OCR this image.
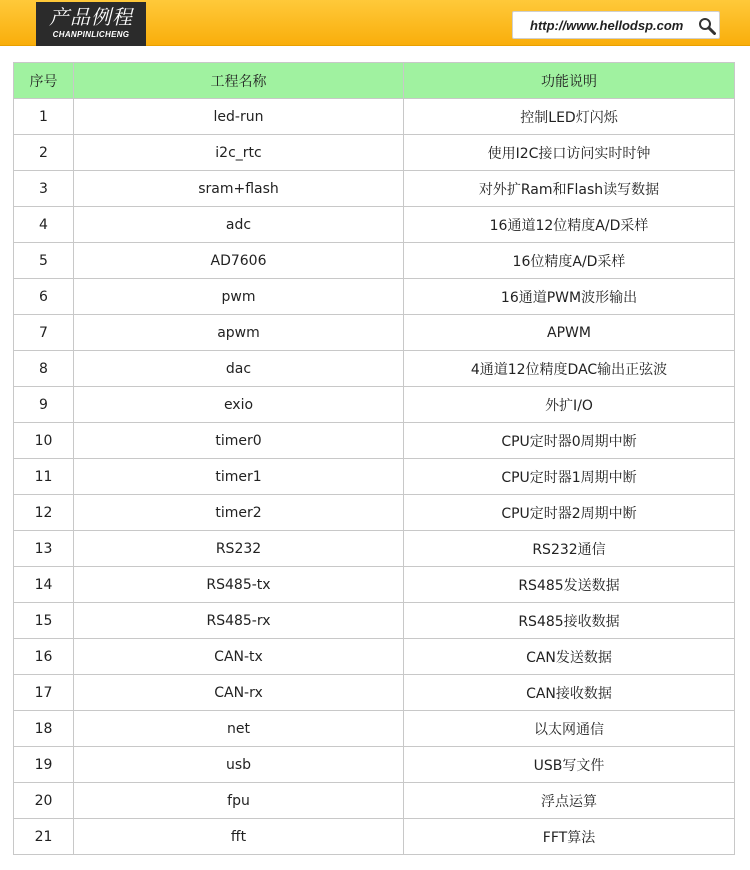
产品例程
CHANPINLICHENG
http://www.hellodsp.com
序号	工程名称	功能说明
1	led-run	控制LED灯闪烁
2	i2c_rtc	使用I2C接口访问实时时钟
3	sram+flash	对外扩Ram和Flash读写数据
4	adc	16通道12位精度A/D采样
5	AD7606	16位精度A/D采样
6	pwm	16通道PWM波形输出
7	apwm	APWM
8	dac	4通道12位精度DAC输出正弦波
9	exio	外扩I/O
10	timer0	CPU定时器0周期中断
11	timer1	CPU定时器1周期中断
12	timer2	CPU定时器2周期中断
13	RS232	RS232通信
14	RS485-tx	RS485发送数据
15	RS485-rx	RS485接收数据
16	CAN-tx	CAN发送数据
17	CAN-rx	CAN接收数据
18	net	以太网通信
19	usb	USB写文件
20	fpu	浮点运算
21	fft	FFT算法
